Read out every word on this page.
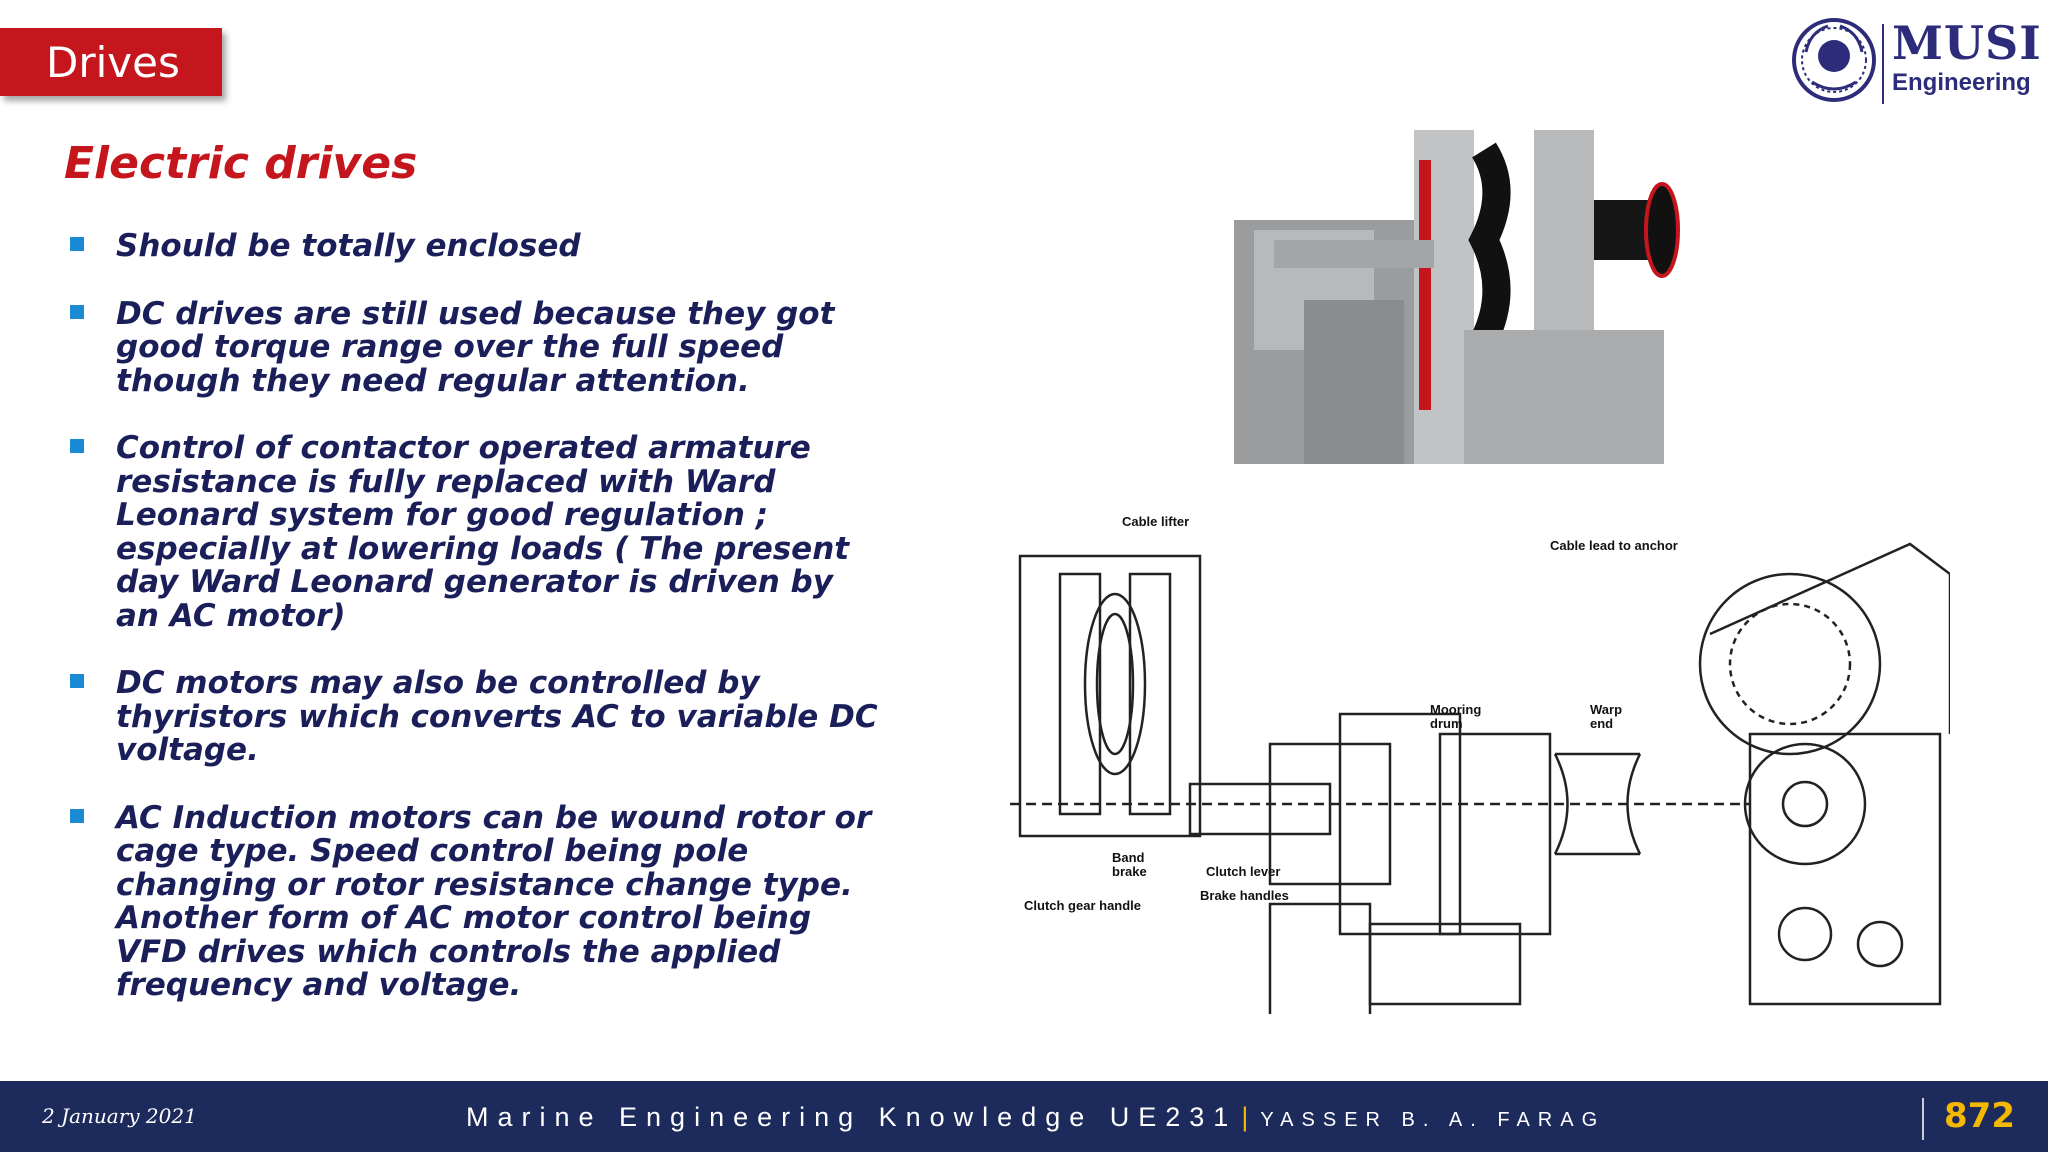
Drives	MUSI
Engineering
Electric drives
Should be totally enclosed
DC drives are still used because they got good torque range over the full speed though they need regular attention.
Control of contactor operated armature resistance is fully replaced with Ward Leonard system for good regulation ; especially at lowering loads ( The present day Ward Leonard generator is driven by an AC motor)
DC motors may also be controlled by thyristors which converts AC to variable DC voltage.
AC Induction motors can be wound rotor or cage type. Speed control being pole changing or rotor resistance change type. Another form of AC motor control being VFD drives which controls the applied frequency and voltage.
Cable lifter
Cable lead to anchor
Mooring
drum
Warp
end
Band
brake	Clutch lever
Brake handles
Clutch gear handle
2 January 2021	Marine Engineering Knowledge UE231 | YASSER B. A. FARAG	872
